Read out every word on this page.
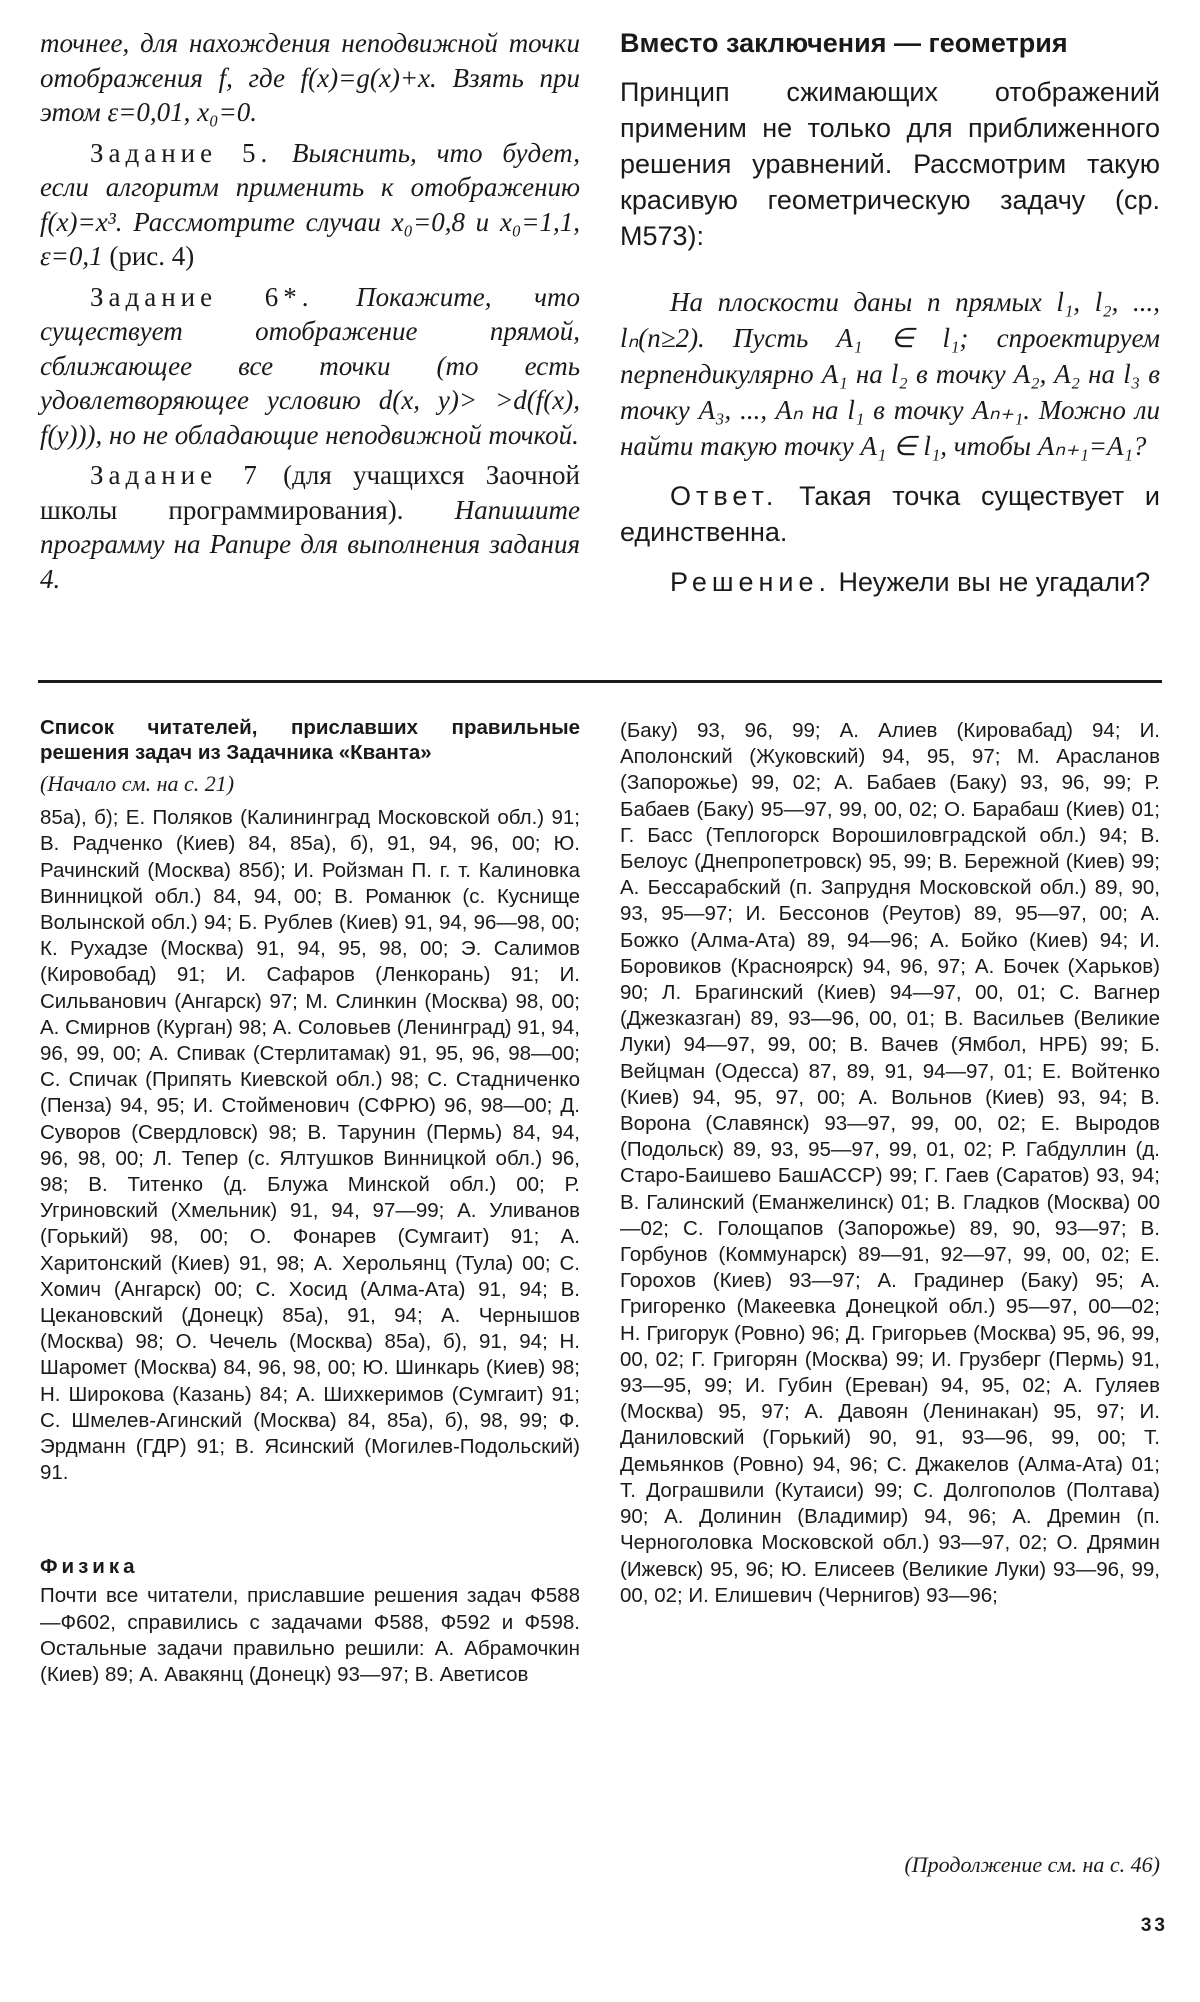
точнее, для нахождения неподвижной точки отображения f, где f(x)=g(x)+x. Взять при этом ε=0,01, x₀=0.

Задание 5. Выяснить, что будет, если алгоритм применить к отображению f(x)=x³. Рассмотрите случаи x₀=0,8 и x₀=1,1, ε=0,1 (рис. 4)

Задание 6*. Покажите, что существует отображение прямой, сближающее все точки (то есть удовлетворяющее условию d(x, y)> >d(f(x), f(y))), но не обладающие неподвижной точкой.

Задание 7 (для учащихся Заочной школы программирования). Напишите программу на Рапире для выполнения задания 4.

Вместо заключения — геометрия

Принцип сжимающих отображений применим не только для приближенного решения уравнений. Рассмотрим такую красивую геометрическую задачу (ср. М573):

На плоскости даны n прямых l₁, l₂, ..., lₙ(n≥2). Пусть A₁ ∈ l₁; спроектируем перпендикулярно A₁ на l₂ в точку A₂, A₂ на l₃ в точку A₃, ..., Aₙ на l₁ в точку Aₙ₊₁. Можно ли найти такую точку A₁ ∈ l₁, чтобы Aₙ₊₁=A₁?

Ответ. Такая точка существует и единственна.

Решение. Неужели вы не угадали?

Список читателей, приславших правильные решения задач из Задачника «Кванта»

(Начало см. на с. 21)

85а), б); Е. Поляков (Калининград Московской обл.) 91; В. Радченко (Киев) 84, 85а), б), 91, 94, 96, 00; Ю. Рачинский (Москва) 85б); И. Ройзман П. г. т. Калиновка Винницкой обл.) 84, 94, 00; В. Романюк (с. Куснище Волынской обл.) 94; Б. Рублев (Киев) 91, 94, 96—98, 00; К. Рухадзе (Москва) 91, 94, 95, 98, 00; Э. Салимов (Кировобад) 91; И. Сафаров (Ленкорань) 91; И. Сильванович (Ангарск) 97; М. Слинкин (Москва) 98, 00; А. Смирнов (Курган) 98; А. Соловьев (Ленинград) 91, 94, 96, 99, 00; А. Спивак (Стерлитамак) 91, 95, 96, 98—00; С. Спичак (Припять Киевской обл.) 98; С. Стадниченко (Пенза) 94, 95; И. Стойменович (СФРЮ) 96, 98—00; Д. Суворов (Свердловск) 98; В. Тарунин (Пермь) 84, 94, 96, 98, 00; Л. Тепер (с. Ялтушков Винницкой обл.) 96, 98; В. Титенко (д. Блужа Минской обл.) 00; Р. Угриновский (Хмельник) 91, 94, 97—99; А. Уливанов (Горький) 98, 00; О. Фонарев (Сумгаит) 91; А. Харитонский (Киев) 91, 98; А. Херольянц (Тула) 00; С. Хомич (Ангарск) 00; С. Хосид (Алма-Ата) 91, 94; В. Цекановский (Донецк) 85а), 91, 94; А. Чернышов (Москва) 98; О. Чечель (Москва) 85а), б), 91, 94; Н. Шаромет (Москва) 84, 96, 98, 00; Ю. Шинкарь (Киев) 98; Н. Широкова (Казань) 84; А. Шихкеримов (Сумгаит) 91; С. Шмелев-Агинский (Москва) 84, 85а), б), 98, 99; Ф. Эрдманн (ГДР) 91; В. Ясинский (Могилев-Подольский) 91.

Физика

Почти все читатели, приславшие решения задач Ф588—Ф602, справились с задачами Ф588, Ф592 и Ф598. Остальные задачи правильно решили: А. Абрамочкин (Киев) 89; А. Авакянц (Донецк) 93—97; В. Аветисов

(Баку) 93, 96, 99; А. Алиев (Кировабад) 94; И. Аполонский (Жуковский) 94, 95, 97; М. Арасланов (Запорожье) 99, 02; А. Бабаев (Баку) 93, 96, 99; Р. Бабаев (Баку) 95—97, 99, 00, 02; О. Барабаш (Киев) 01; Г. Басс (Теплогорск Ворошиловградской обл.) 94; В. Белоус (Днепропетровск) 95, 99; В. Бережной (Киев) 99; А. Бессарабский (п. Запрудня Московской обл.) 89, 90, 93, 95—97; И. Бессонов (Реутов) 89, 95—97, 00; А. Божко (Алма-Ата) 89, 94—96; А. Бойко (Киев) 94; И. Боровиков (Красноярск) 94, 96, 97; А. Бочек (Харьков) 90; Л. Брагинский (Киев) 94—97, 00, 01; С. Вагнер (Джезказган) 89, 93—96, 00, 01; В. Васильев (Великие Луки) 94—97, 99, 00; В. Вачев (Ямбол, НРБ) 99; Б. Вейцман (Одесса) 87, 89, 91, 94—97, 01; Е. Войтенко (Киев) 94, 95, 97, 00; А. Вольнов (Киев) 93, 94; В. Ворона (Славянск) 93—97, 99, 00, 02; Е. Выродов (Подольск) 89, 93, 95—97, 99, 01, 02; Р. Габдуллин (д. Старо-Баишево БашАССР) 99; Г. Гаев (Саратов) 93, 94; В. Галинский (Еманжелинск) 01; В. Гладков (Москва) 00—02; С. Голощапов (Запорожье) 89, 90, 93—97; В. Горбунов (Коммунарск) 89—91, 92—97, 99, 00, 02; Е. Горохов (Киев) 93—97; А. Градинер (Баку) 95; А. Григоренко (Макеевка Донецкой обл.) 95—97, 00—02; Н. Григорук (Ровно) 96; Д. Григорьев (Москва) 95, 96, 99, 00, 02; Г. Григорян (Москва) 99; И. Грузберг (Пермь) 91, 93—95, 99; И. Губин (Ереван) 94, 95, 02; А. Гуляев (Москва) 95, 97; А. Давоян (Ленинакан) 95, 97; И. Даниловский (Горький) 90, 91, 93—96, 99, 00; Т. Демьянков (Ровно) 94, 96; С. Джакелов (Алма-Ата) 01; Т. Дограшвили (Кутаиси) 99; С. Долгополов (Полтава) 90; А. Долинин (Владимир) 94, 96; А. Дремин (п. Черноголовка Московской обл.) 93—97, 02; О. Дрямин (Ижевск) 95, 96; Ю. Елисеев (Великие Луки) 93—96, 99, 00, 02; И. Елишевич (Чернигов) 93—96;

(Продолжение см. на с. 46)
33
